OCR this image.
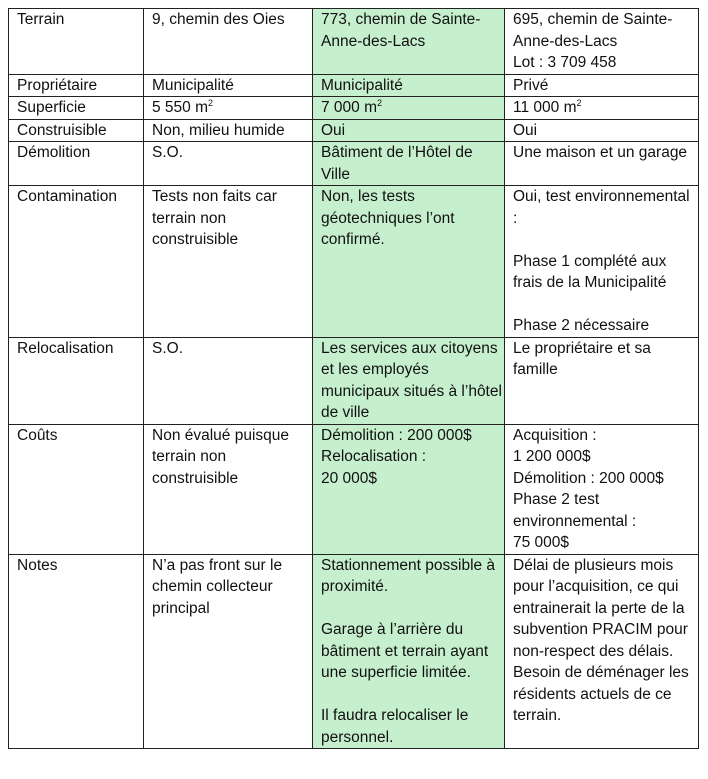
Terrain	9, chemin des Oies	773, chemin de Sainte-Anne-des-Lacs	695, chemin de Sainte-Anne-des-Lacs
Lot : 3 709 458
Propriétaire	Municipalité	Municipalité	Privé
Superficie	5 550 $m^2$	7 000 $m^2$	11 000 $m^2$
Construisible	Non, milieu humide	Oui	Oui
Démolition	S.O.	Bâtiment de l’Hôtel de Ville	Une maison et un garage
Contamination	Tests non faits car terrain non construisible	Non, les tests géotechniques l’ont confirmé.	Oui, test environnemental :

Phase 1 complété aux frais de la Municipalité

Phase 2 nécessaire
Relocalisation	S.O.	Les services aux citoyens et les employés municipaux situés à l’hôtel de ville	Le propriétaire et sa famille
Coûts	Non évalué puisque terrain non construisible	Démolition : 200 000$
Relocalisation :
20 000$	Acquisition :
1 200 000$
Démolition : 200 000$
Phase 2 test environnemental :
75 000$
Notes	N’a pas front sur le chemin collecteur principal	Stationnement possible à proximité.

Garage à l’arrière du bâtiment et terrain ayant une superficie limitée.

Il faudra relocaliser le personnel.	Délai de plusieurs mois pour l’acquisition, ce qui entrainerait la perte de la subvention PRACIM pour non-respect des délais.
Besoin de déménager les résidents actuels de ce terrain.
